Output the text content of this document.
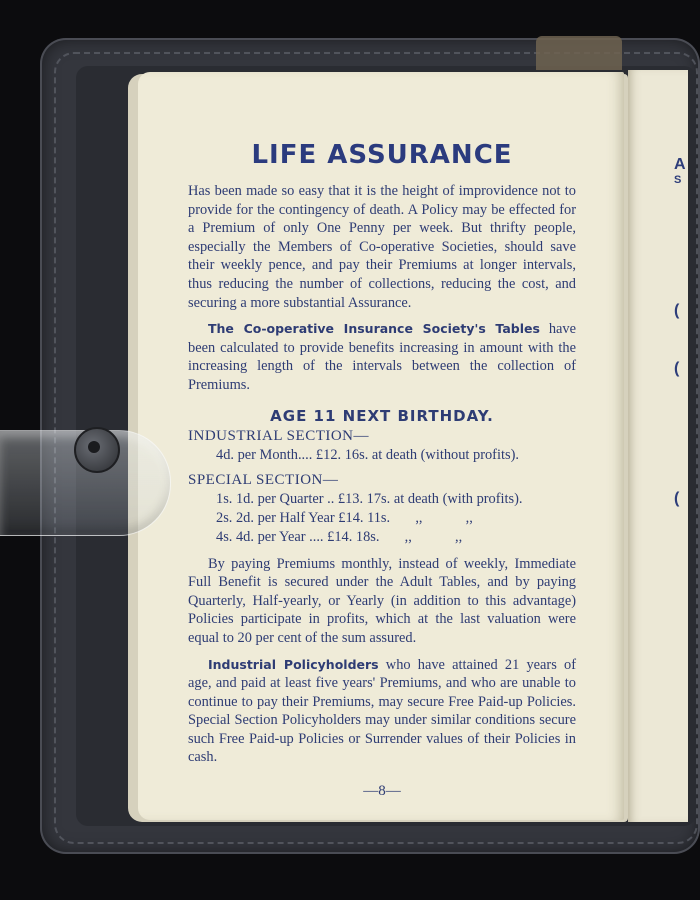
A
S
(
(
(
LIFE ASSURANCE

Has been made so easy that it is the height of improvidence not to provide for the contingency of death. A Policy may be effected for a Premium of only One Penny per week. But thrifty people, especially the Members of Co-operative Societies, should save their weekly pence, and pay their Premiums at longer intervals, thus reducing the number of collections, reducing the cost, and securing a more substantial Assurance.

The Co-operative Insurance Society's Tables have been calculated to provide benefits increasing in amount with the increasing length of the intervals between the collection of Premiums.

AGE 11 NEXT BIRTHDAY.
INDUSTRIAL SECTION—
4d. per Month.... £12. 16s. at death (without profits).
SPECIAL SECTION—
1s. 1d. per Quarter .. £13. 17s. at death (with profits).
2s. 2d. per Half Year £14. 11s.       ,,            ,,
4s. 4d. per Year .... £14. 18s.       ,,            ,,

By paying Premiums monthly, instead of weekly, Immediate Full Benefit is secured under the Adult Tables, and by paying Quarterly, Half-yearly, or Yearly (in addition to this advantage) Policies participate in profits, which at the last valuation were equal to 20 per cent of the sum assured.

Industrial Policyholders who have attained 21 years of age, and paid at least five years' Premiums, and who are unable to continue to pay their Premiums, may secure Free Paid-up Policies. Special Section Policyholders may under similar conditions secure such Free Paid-up Policies or Surrender values of their Policies in cash.

—8—
